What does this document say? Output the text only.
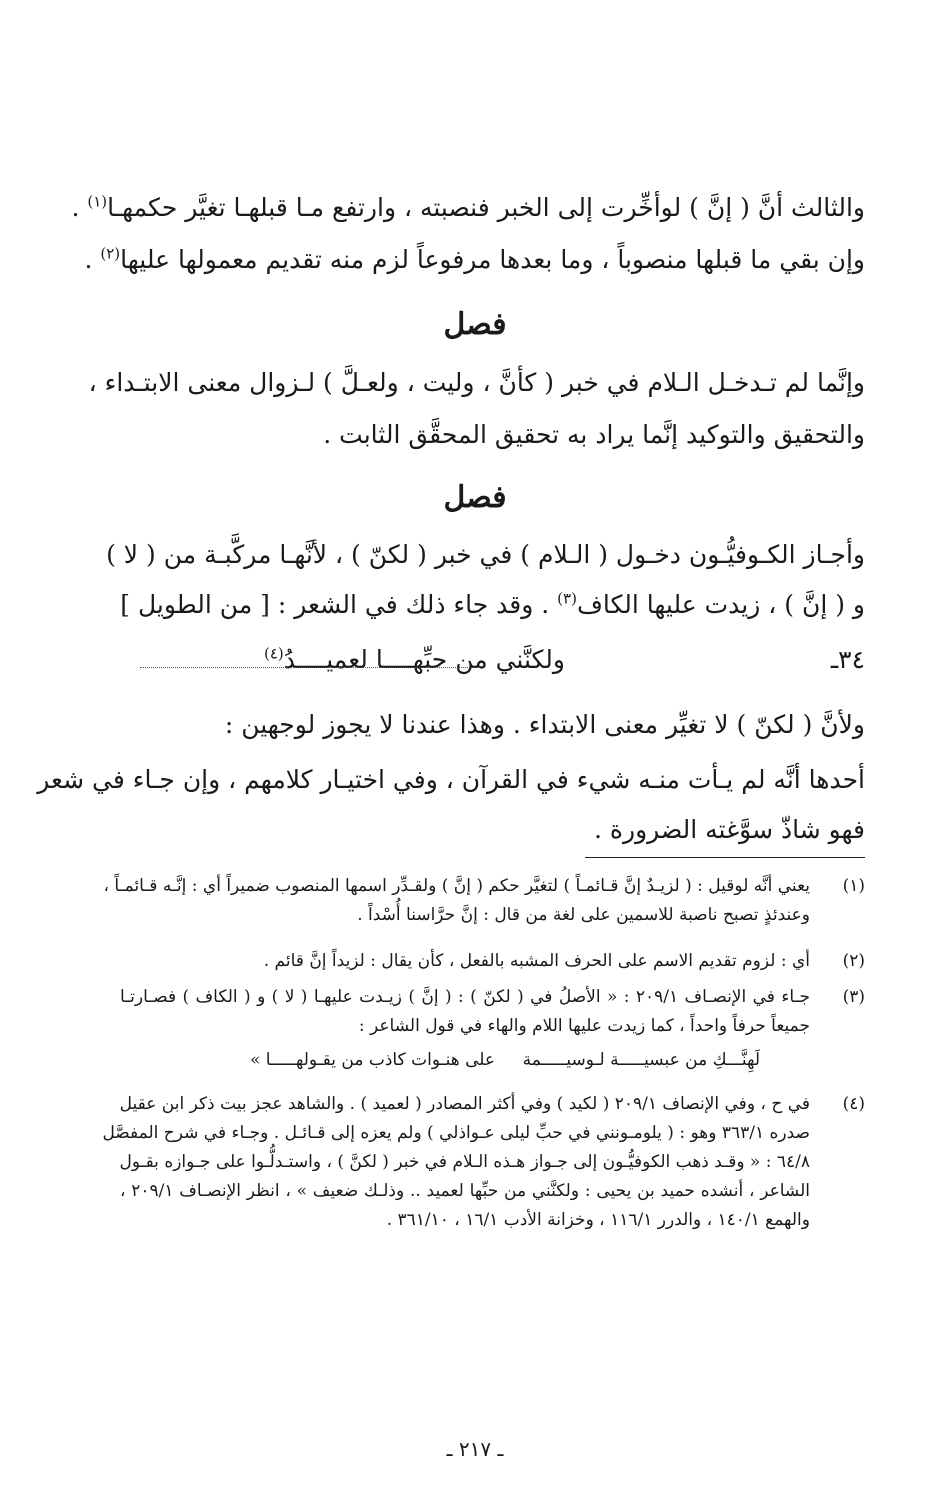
والثالث أنَّ ( إنَّ ) لوأخِّرت إلى الخبر فنصبته ، وارتفع مـا قبلهـا تغيَّر حكمهـا$^{(١)}$ .
وإن بقي ما قبلها منصوباً ، وما بعدها مرفوعاً لزم منه تقديم معمولها عليها$^{(٢)}$ .
فصل
وإنَّما لم تـدخـل الـلام في خبر ( كأنَّ ، وليت ، ولعـلَّ ) لـزوال معنى الابتـداء ،
والتحقيق والتوكيد إنَّما يراد به تحقيق المحقَّق الثابت .
فصل
وأجـاز الكـوفيُّـون دخـول ( الـلام ) في خبر ( لكنّ ) ، لأنَّهـا مركَّبـة من ( لا )
و ( إنَّ ) ، زيدت عليها الكاف$^{(٣)}$ . وقد جاء ذلك في الشعر : [ من الطويل ]
٣٤ـ
ولكنَّني من حبِّهــــا لعميــــدُ$^{(٤)}$
ولأنَّ ( لكنّ ) لا تغيِّر معنى الابتداء . وهذا عندنا لا يجوز لوجهين :
أحدها أنَّه لم يـأت منـه شيء في القرآن ، وفي اختيـار كلامهم ، وإن جـاء في شعر
فهو شاذّ سوَّغته الضرورة .
(١)
يعني أنَّه لوقيل : ( لزيـدٌ إنَّ قـائمـاً ) لتغيَّر حكم ( إنَّ ) ولقـدِّر اسمها المنصوب ضميراً أي : إنَّـه قـائمـاً ،
وعندئذٍ تصبح ناصبة للاسمين على لغة من قال : إنَّ حرَّاسنا أُسْداً .
(٢)
أي : لزوم تقديم الاسم على الحرف المشبه بالفعل ، كأن يقال : لزيداً إنَّ قائم .
(٣)
جـاء في الإنصـاف ٢٠٩/١ : « الأصلُ في ( لكنّ ) : ( إنَّ ) زيـدت عليهـا ( لا ) و ( الكاف ) فصـارتـا
جميعاً حرفاً واحداً ، كما زيدت عليها اللام والهاء في قول الشاعر :
لَهِنَّـــكِ من عبسيـــــة لـوسيـــــمة
على هنـوات كاذب من يقـولهـــــا »
(٤)
في ح ، وفي الإنصاف ٢٠٩/١ ( لكيد ) وفي أكثر المصادر ( لعميد ) . والشاهد عجز بيت ذكر ابن عقيل
صدره ٣٦٣/١ وهو : ( يلومـونني في حبِّ ليلى عـواذلي ) ولم يعزه إلى قـائـل . وجـاء في شرح المفصَّل
٦٤/٨ : « وقـد ذهب الكوفيُّـون إلى جـواز هـذه الـلام في خبر ( لكنَّ ) ، واستـدلُّـوا على جـوازه بقـول
الشاعر ، أنشده حميد بن يحيى : ولكنَّني من حبِّها لعميد .. وذلـك ضعيف » ، انظر الإنصـاف ٢٠٩/١ ،
والهمع ١٤٠/١ ، والدرر ١١٦/١ ، وخزانة الأدب ١٦/١ ، ٣٦١/١٠ .
ـ ٢١٧ ـ
